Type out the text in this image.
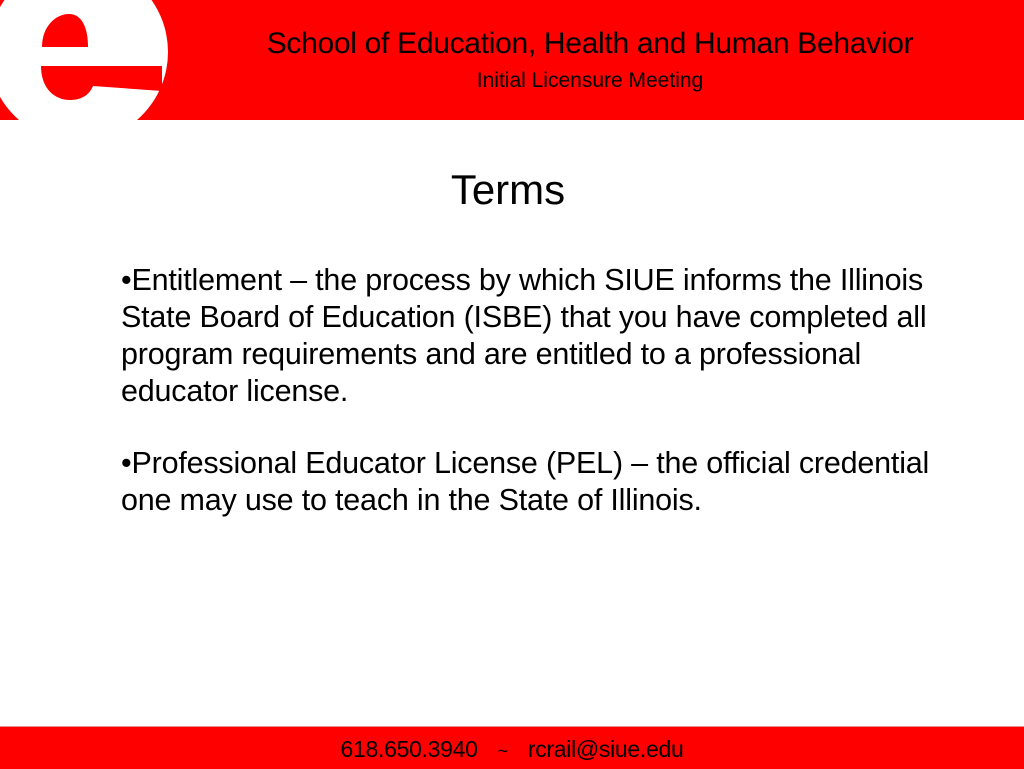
School of Education, Health and Human Behavior
Initial Licensure Meeting
Terms

•Entitlement – the process by which SIUE informs the Illinois State Board of Education (ISBE) that you have completed all program requirements and are entitled to a professional educator license.

•Professional Educator License (PEL) – the official credential one may use to teach in the State of Illinois.

618.650.3940 ~ rcrail@siue.edu
